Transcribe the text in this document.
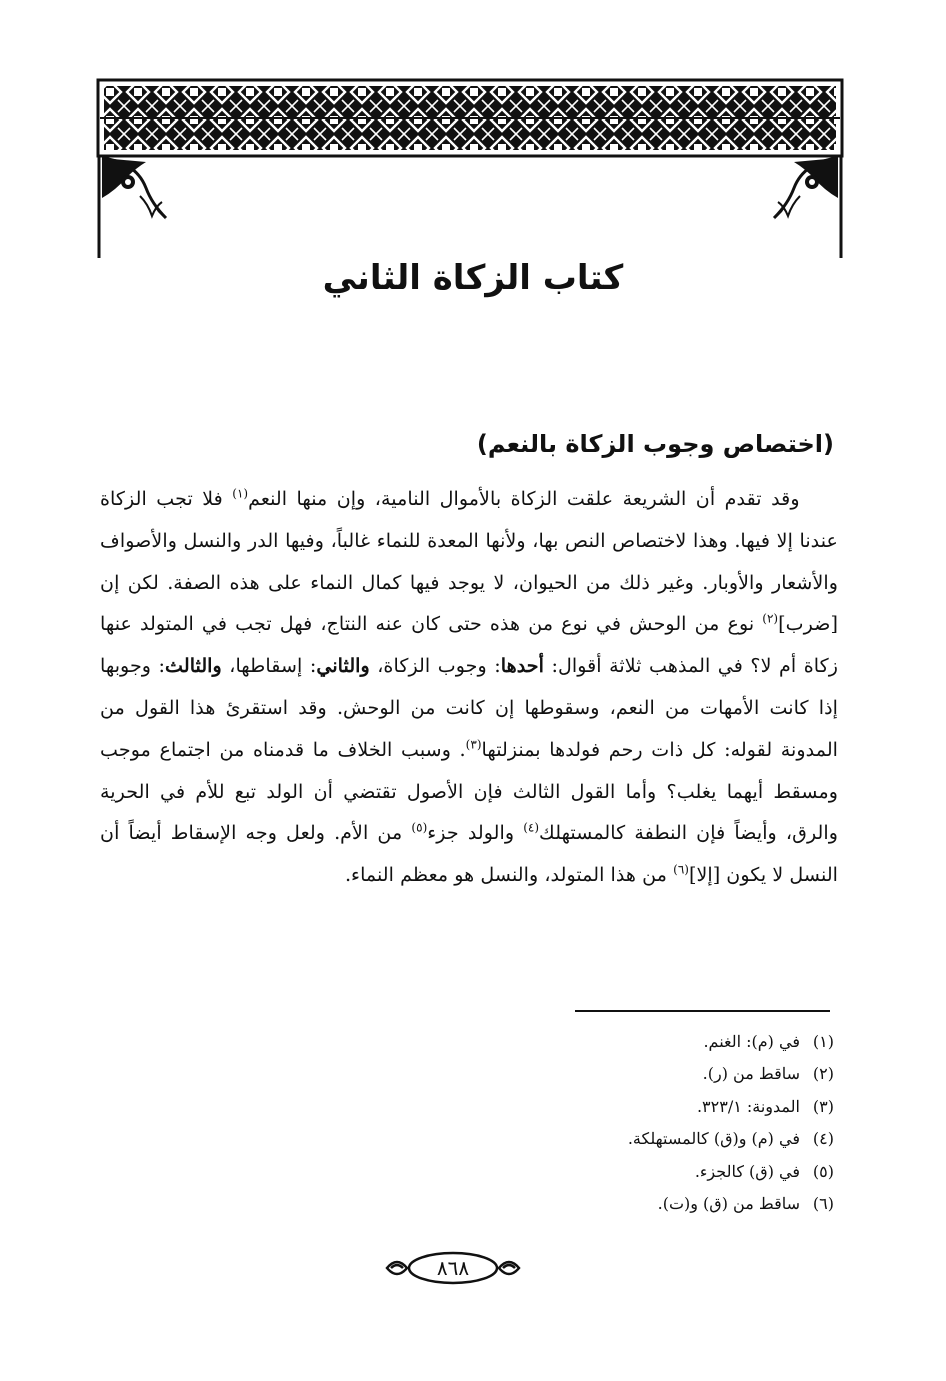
كتاب الزكاة الثاني
(اختصاص وجوب الزكاة بالنعم)

وقد تقدم أن الشريعة علقت الزكاة بالأموال النامية، وإن منها النعم$^{(١)}$ فلا تجب الزكاة عندنا إلا فيها. وهذا لاختصاص النص بها، ولأنها المعدة للنماء غالباً، وفيها الدر والنسل والأصواف والأشعار والأوبار. وغير ذلك من الحيوان، لا يوجد فيها كمال النماء على هذه الصفة. لكن إن [ضرب]$^{(٢)}$ نوع من الوحش في نوع من هذه حتى كان عنه النتاج، فهل تجب في المتولد عنها زكاة أم لا؟ في المذهب ثلاثة أقوال: أحدها: وجوب الزكاة، والثاني: إسقاطها، والثالث: وجوبها إذا كانت الأمهات من النعم، وسقوطها إن كانت من الوحش. وقد استقرئ هذا القول من المدونة لقوله: كل ذات رحم فولدها بمنزلتها$^{(٣)}$. وسبب الخلاف ما قدمناه من اجتماع موجب ومسقط أيهما يغلب؟ وأما القول الثالث فإن الأصول تقتضي أن الولد تبع للأم في الحرية والرق، وأيضاً فإن النطفة كالمستهلك$^{(٤)}$ والولد جزء$^{(٥)}$ من الأم. ولعل وجه الإسقاط أيضاً أن النسل لا يكون [إلا]$^{(٦)}$ من هذا المتولد، والنسل هو معظم النماء.

(١)في (م): الغنم.
(٢)ساقط من (ر).
(٣)المدونة: ٣٢٣/١.
(٤)في (م) و(ق) كالمستهلكة.
(٥)في (ق) كالجزء.
(٦)ساقط من (ق) و(ت).
٨٦٨
